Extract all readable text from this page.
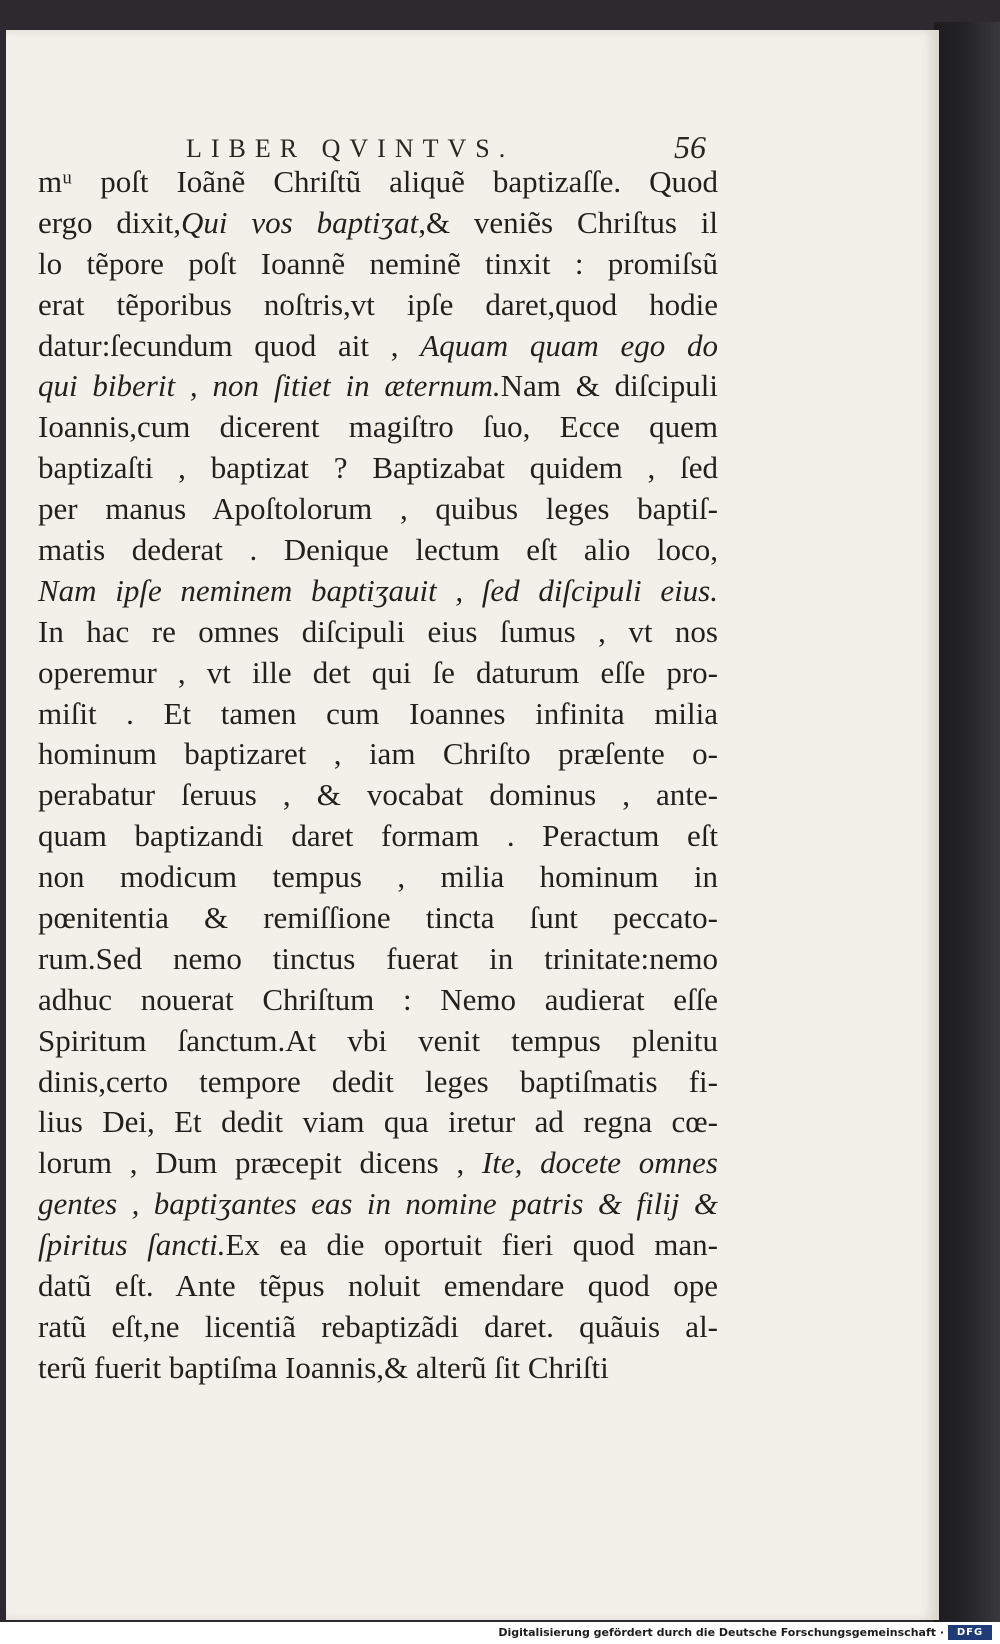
LIBER QVINTVS.	56
mᵘ poſt Ioãnẽ Chriſtũ aliquẽ baptizaſſe. Quod
ergo dixit,Qui vos baptiʒat,& veniẽs Chriſtus il
lo tẽpore poſt Ioannẽ neminẽ tinxit : promiſsũ
erat tẽporibus noſtris,vt ipſe daret,quod hodie
datur:ſecundum quod ait , Aquam quam ego do
qui biberit , non ſitiet in æternum.Nam & diſcipuli
Ioannis,cum dicerent magiſtro ſuo, Ecce quem
baptizaſti , baptizat ? Baptizabat quidem , ſed
per manus Apoſtolorum , quibus leges baptiſ-
matis dederat . Denique lectum eſt alio loco,
Nam ipſe neminem baptiʒauit , ſed diſcipuli eius.
In hac re omnes diſcipuli eius ſumus , vt nos
operemur , vt ille det qui ſe daturum eſſe pro-
miſit . Et tamen cum Ioannes infinita milia
hominum baptizaret , iam Chriſto præſente o-
perabatur ſeruus , & vocabat dominus , ante-
quam baptizandi daret formam . Peractum eſt
non modicum tempus , milia hominum in
pœnitentia & remiſſione tincta ſunt peccato-
rum.Sed nemo tinctus fuerat in trinitate:nemo
adhuc nouerat Chriſtum : Nemo audierat eſſe
Spiritum ſanctum.At vbi venit tempus plenitu
dinis,certo tempore dedit leges baptiſmatis fi-
lius Dei, Et dedit viam qua iretur ad regna cœ-
lorum , Dum præcepit dicens , Ite, docete omnes
gentes , baptiʒantes eas in nomine patris & filij &
ſpiritus ſancti.Ex ea die oportuit fieri quod man-
datũ eſt. Ante tẽpus noluit emendare quod ope
ratũ eſt,ne licentiã rebaptizãdi daret. quãuis al-
terũ fuerit baptiſma Ioannis,& alterũ ſit Chriſti
Digitalisierung gefördert durch die Deutsche Forschungsgemeinschaft ·	DFG
